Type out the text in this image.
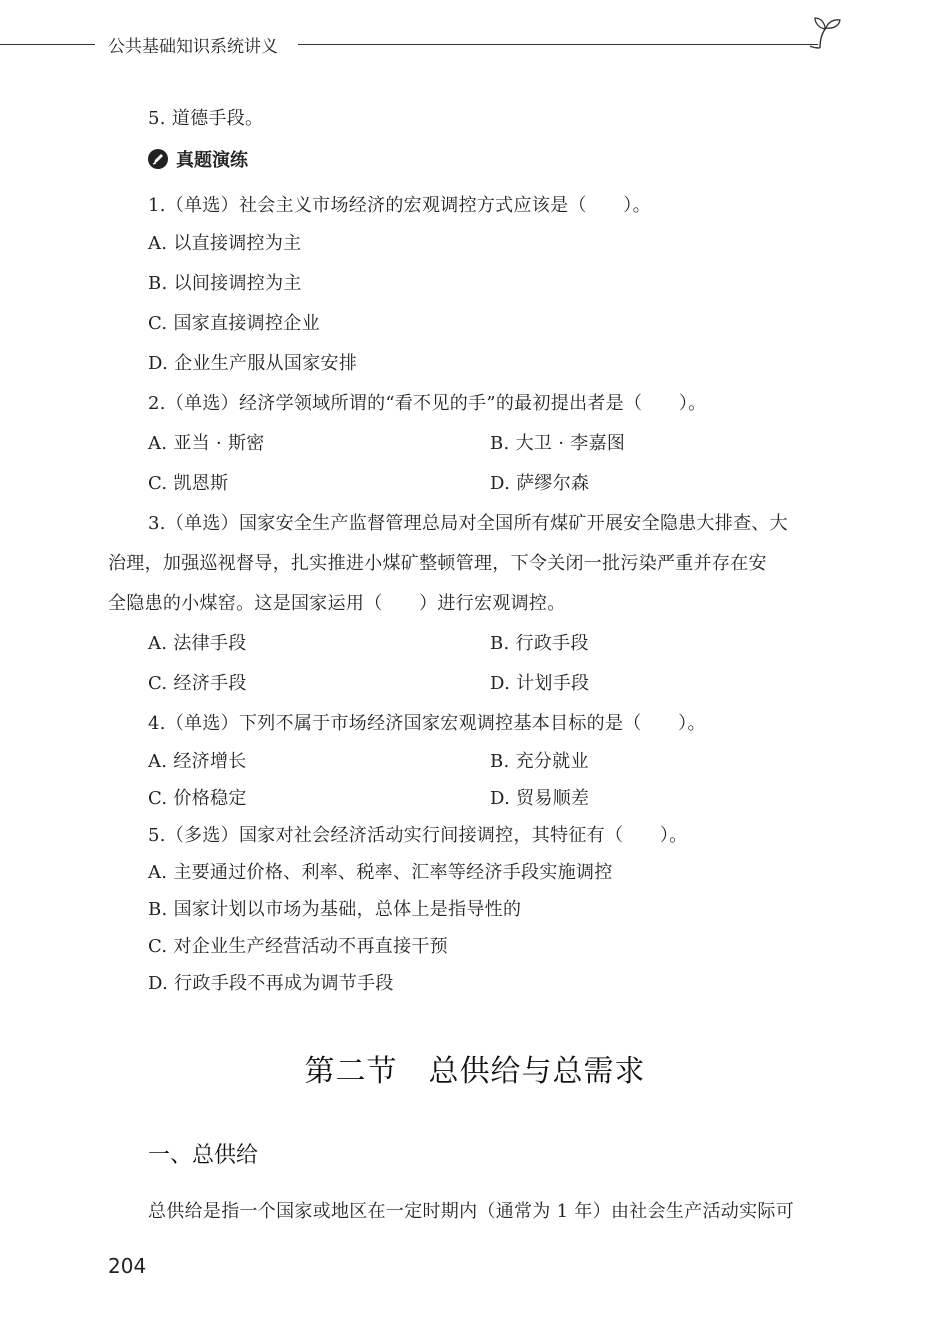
公共基础知识系统讲义
5. 道德手段。
真题演练
1.（单选）社会主义市场经济的宏观调控方式应该是（　　）。
A. 以直接调控为主
B. 以间接调控为主
C. 国家直接调控企业
D. 企业生产服从国家安排
2.（单选）经济学领域所谓的“看不见的手”的最初提出者是（　　）。
A. 亚当 · 斯密	B. 大卫 · 李嘉图
C. 凯恩斯	D. 萨缪尔森
3.（单选）国家安全生产监督管理总局对全国所有煤矿开展安全隐患大排查、大
治理，加强巡视督导，扎实推进小煤矿整顿管理，下令关闭一批污染严重并存在安
全隐患的小煤窑。这是国家运用（　　）进行宏观调控。
A. 法律手段	B. 行政手段
C. 经济手段	D. 计划手段
4.（单选）下列不属于市场经济国家宏观调控基本目标的是（　　）。
A. 经济增长	B. 充分就业
C. 价格稳定	D. 贸易顺差
5.（多选）国家对社会经济活动实行间接调控，其特征有（　　）。
A. 主要通过价格、利率、税率、汇率等经济手段实施调控
B. 国家计划以市场为基础，总体上是指导性的
C. 对企业生产经营活动不再直接干预
D. 行政手段不再成为调节手段
第二节　总供给与总需求
一、总供给
总供给是指一个国家或地区在一定时期内（通常为 1 年）由社会生产活动实际可
204
